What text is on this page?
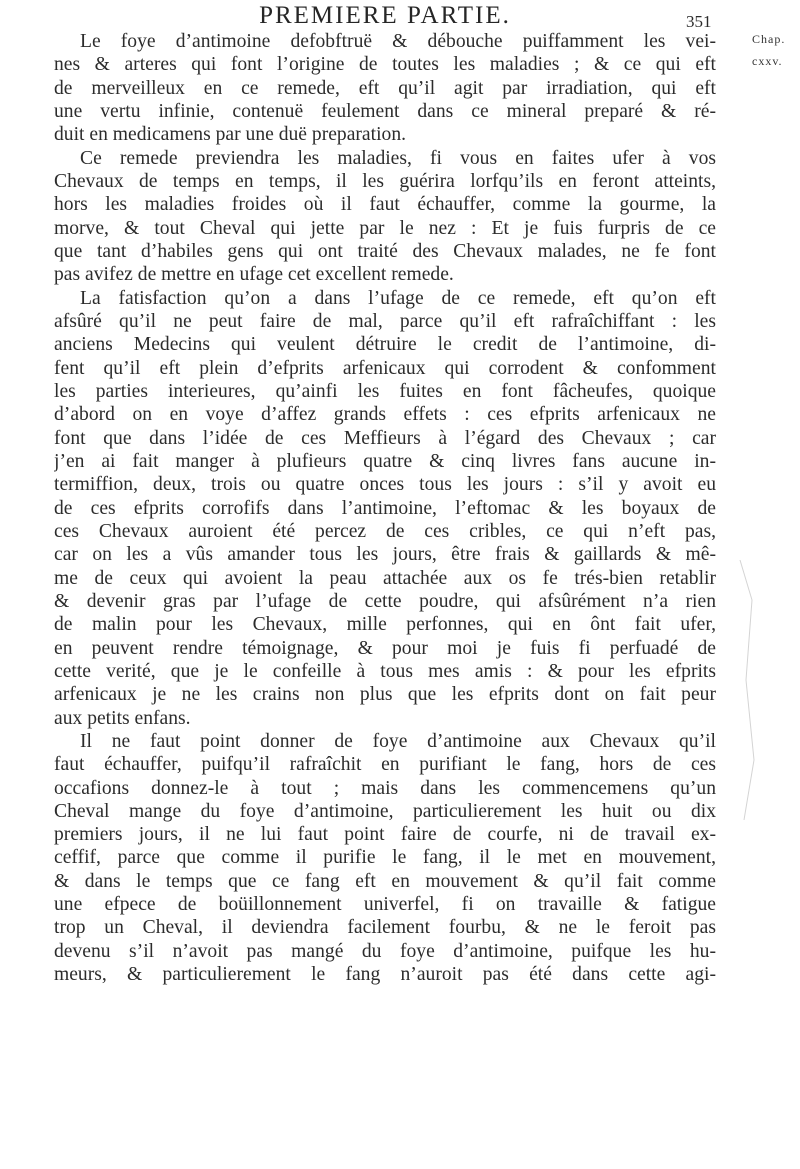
PREMIERE PARTIE.	351
Chap.
cxxv.
Le foye d’antimoine defobftruë & débouche puiffamment les vei-
nes & arteres qui font l’origine de toutes les maladies ; & ce qui eft
de merveilleux en ce remede, eft qu’il agit par irradiation, qui eft
une vertu infinie, contenuë feulement dans ce mineral preparé & ré-
duit en medicamens par une duë preparation.
Ce remede previendra les maladies, fi vous en faites ufer à vos
Chevaux de temps en temps, il les guérira lorfqu’ils en feront atteints,
hors les maladies froides où il faut échauffer, comme la gourme, la
morve, & tout Cheval qui jette par le nez : Et je fuis furpris de ce
que tant d’habiles gens qui ont traité des Chevaux malades, ne fe font
pas avifez de mettre en ufage cet excellent remede.
La fatisfaction qu’on a dans l’ufage de ce remede, eft qu’on eft
afsûré qu’il ne peut faire de mal, parce qu’il eft rafraîchiffant : les
anciens Medecins qui veulent détruire le credit de l’antimoine, di-
fent qu’il eft plein d’efprits arfenicaux qui corrodent & confomment
les parties interieures, qu’ainfi les fuites en font fâcheufes, quoique
d’abord on en voye d’affez grands effets : ces efprits arfenicaux ne
font que dans l’idée de ces Meffieurs à l’égard des Chevaux ; car
j’en ai fait manger à plufieurs quatre & cinq livres fans aucune in-
termiffion, deux, trois ou quatre onces tous les jours : s’il y avoit eu
de ces efprits corrofifs dans l’antimoine, l’eftomac & les boyaux de
ces Chevaux auroient été percez de ces cribles, ce qui n’eft pas,
car on les a vûs amander tous les jours, être frais & gaillards & mê-
me de ceux qui avoient la peau attachée aux os fe trés-bien retablir
& devenir gras par l’ufage de cette poudre, qui afsûrément n’a rien
de malin pour les Chevaux, mille perfonnes, qui en ônt fait ufer,
en peuvent rendre témoignage, & pour moi je fuis fi perfuadé de
cette verité, que je le confeille à tous mes amis : & pour les efprits
arfenicaux je ne les crains non plus que les efprits dont on fait peur
aux petits enfans.
Il ne faut point donner de foye d’antimoine aux Chevaux qu’il
faut échauffer, puifqu’il rafraîchit en purifiant le fang, hors de ces
occafions donnez-le à tout ; mais dans les commencemens qu’un
Cheval mange du foye d’antimoine, particulierement les huit ou dix
premiers jours, il ne lui faut point faire de courfe, ni de travail ex-
ceffif, parce que comme il purifie le fang, il le met en mouvement,
& dans le temps que ce fang eft en mouvement & qu’il fait comme
une efpece de boüillonnement univerfel, fi on travaille & fatigue
trop un Cheval, il deviendra facilement fourbu, & ne le feroit pas
devenu s’il n’avoit pas mangé du foye d’antimoine, puifque les hu-
meurs, & particulierement le fang n’auroit pas été dans cette agi-
